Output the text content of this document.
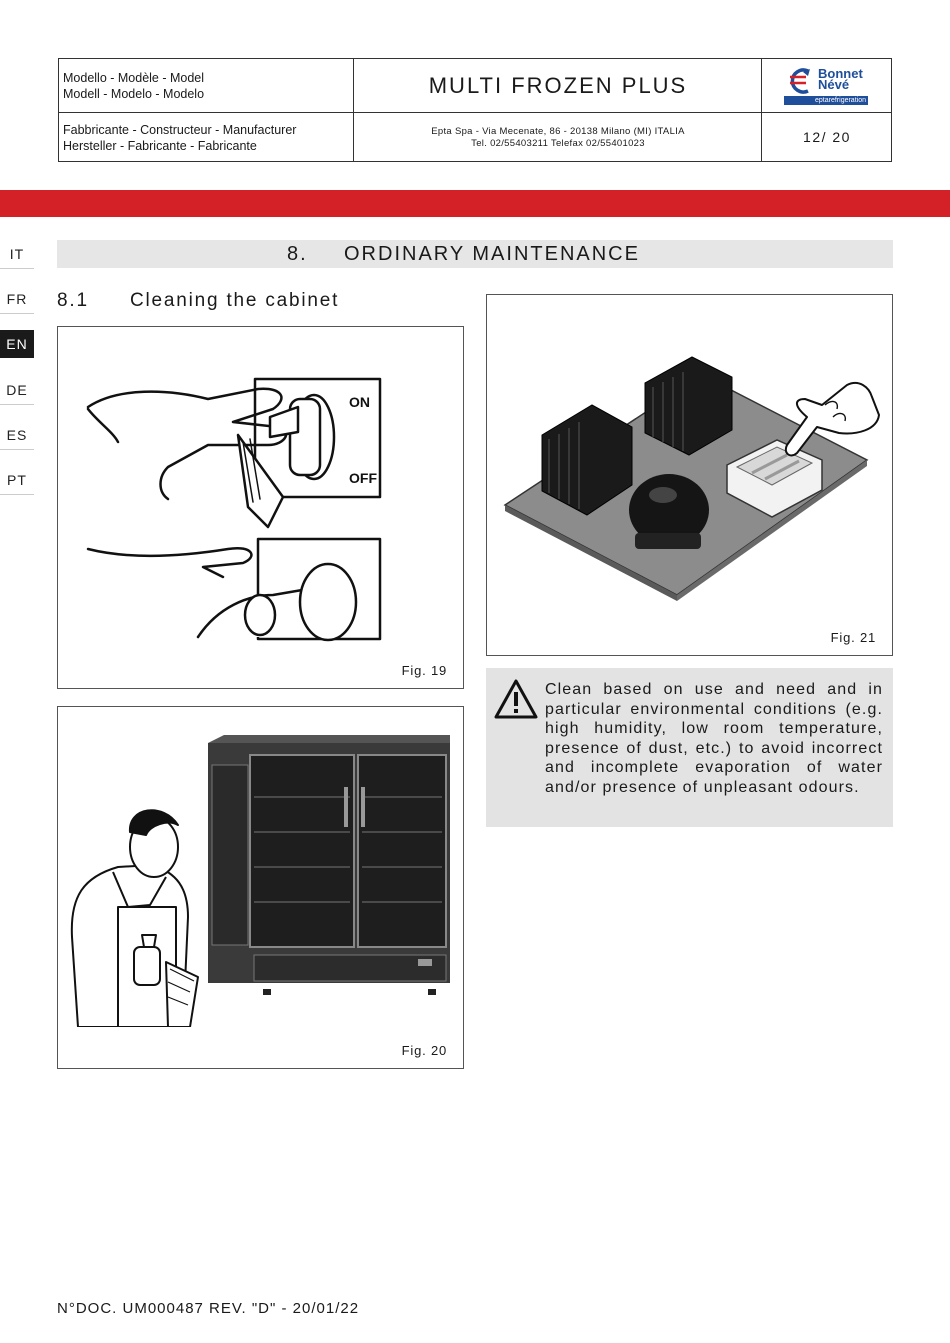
Modello - Modèle - Model
Modell - Modelo - Modelo
Fabbricante - Constructeur - Manufacturer
Hersteller - Fabricante - Fabricante
MULTI FROZEN PLUS
Epta Spa - Via Mecenate, 86 - 20138 Milano (MI) ITALIA
Tel. 02/55403211 Telefax 02/55401023	12/ 20
Bonnet
Névé
eptarefrigeration
IT
FR
EN
DE
ES
PT
8. ORDINARY MAINTENANCE
8.1 Cleaning the cabinet
ON
OFF
Fig. 19
Fig. 20
Fig. 21
Clean based on use and need and in particular environmental conditions (e.g. high humidity, low room temperature, presence of dust, etc.) to avoid incorrect and incomplete evaporation of water and/or presence of unpleasant odours.
N°DOC. UM000487 REV. "D" - 20/01/22
